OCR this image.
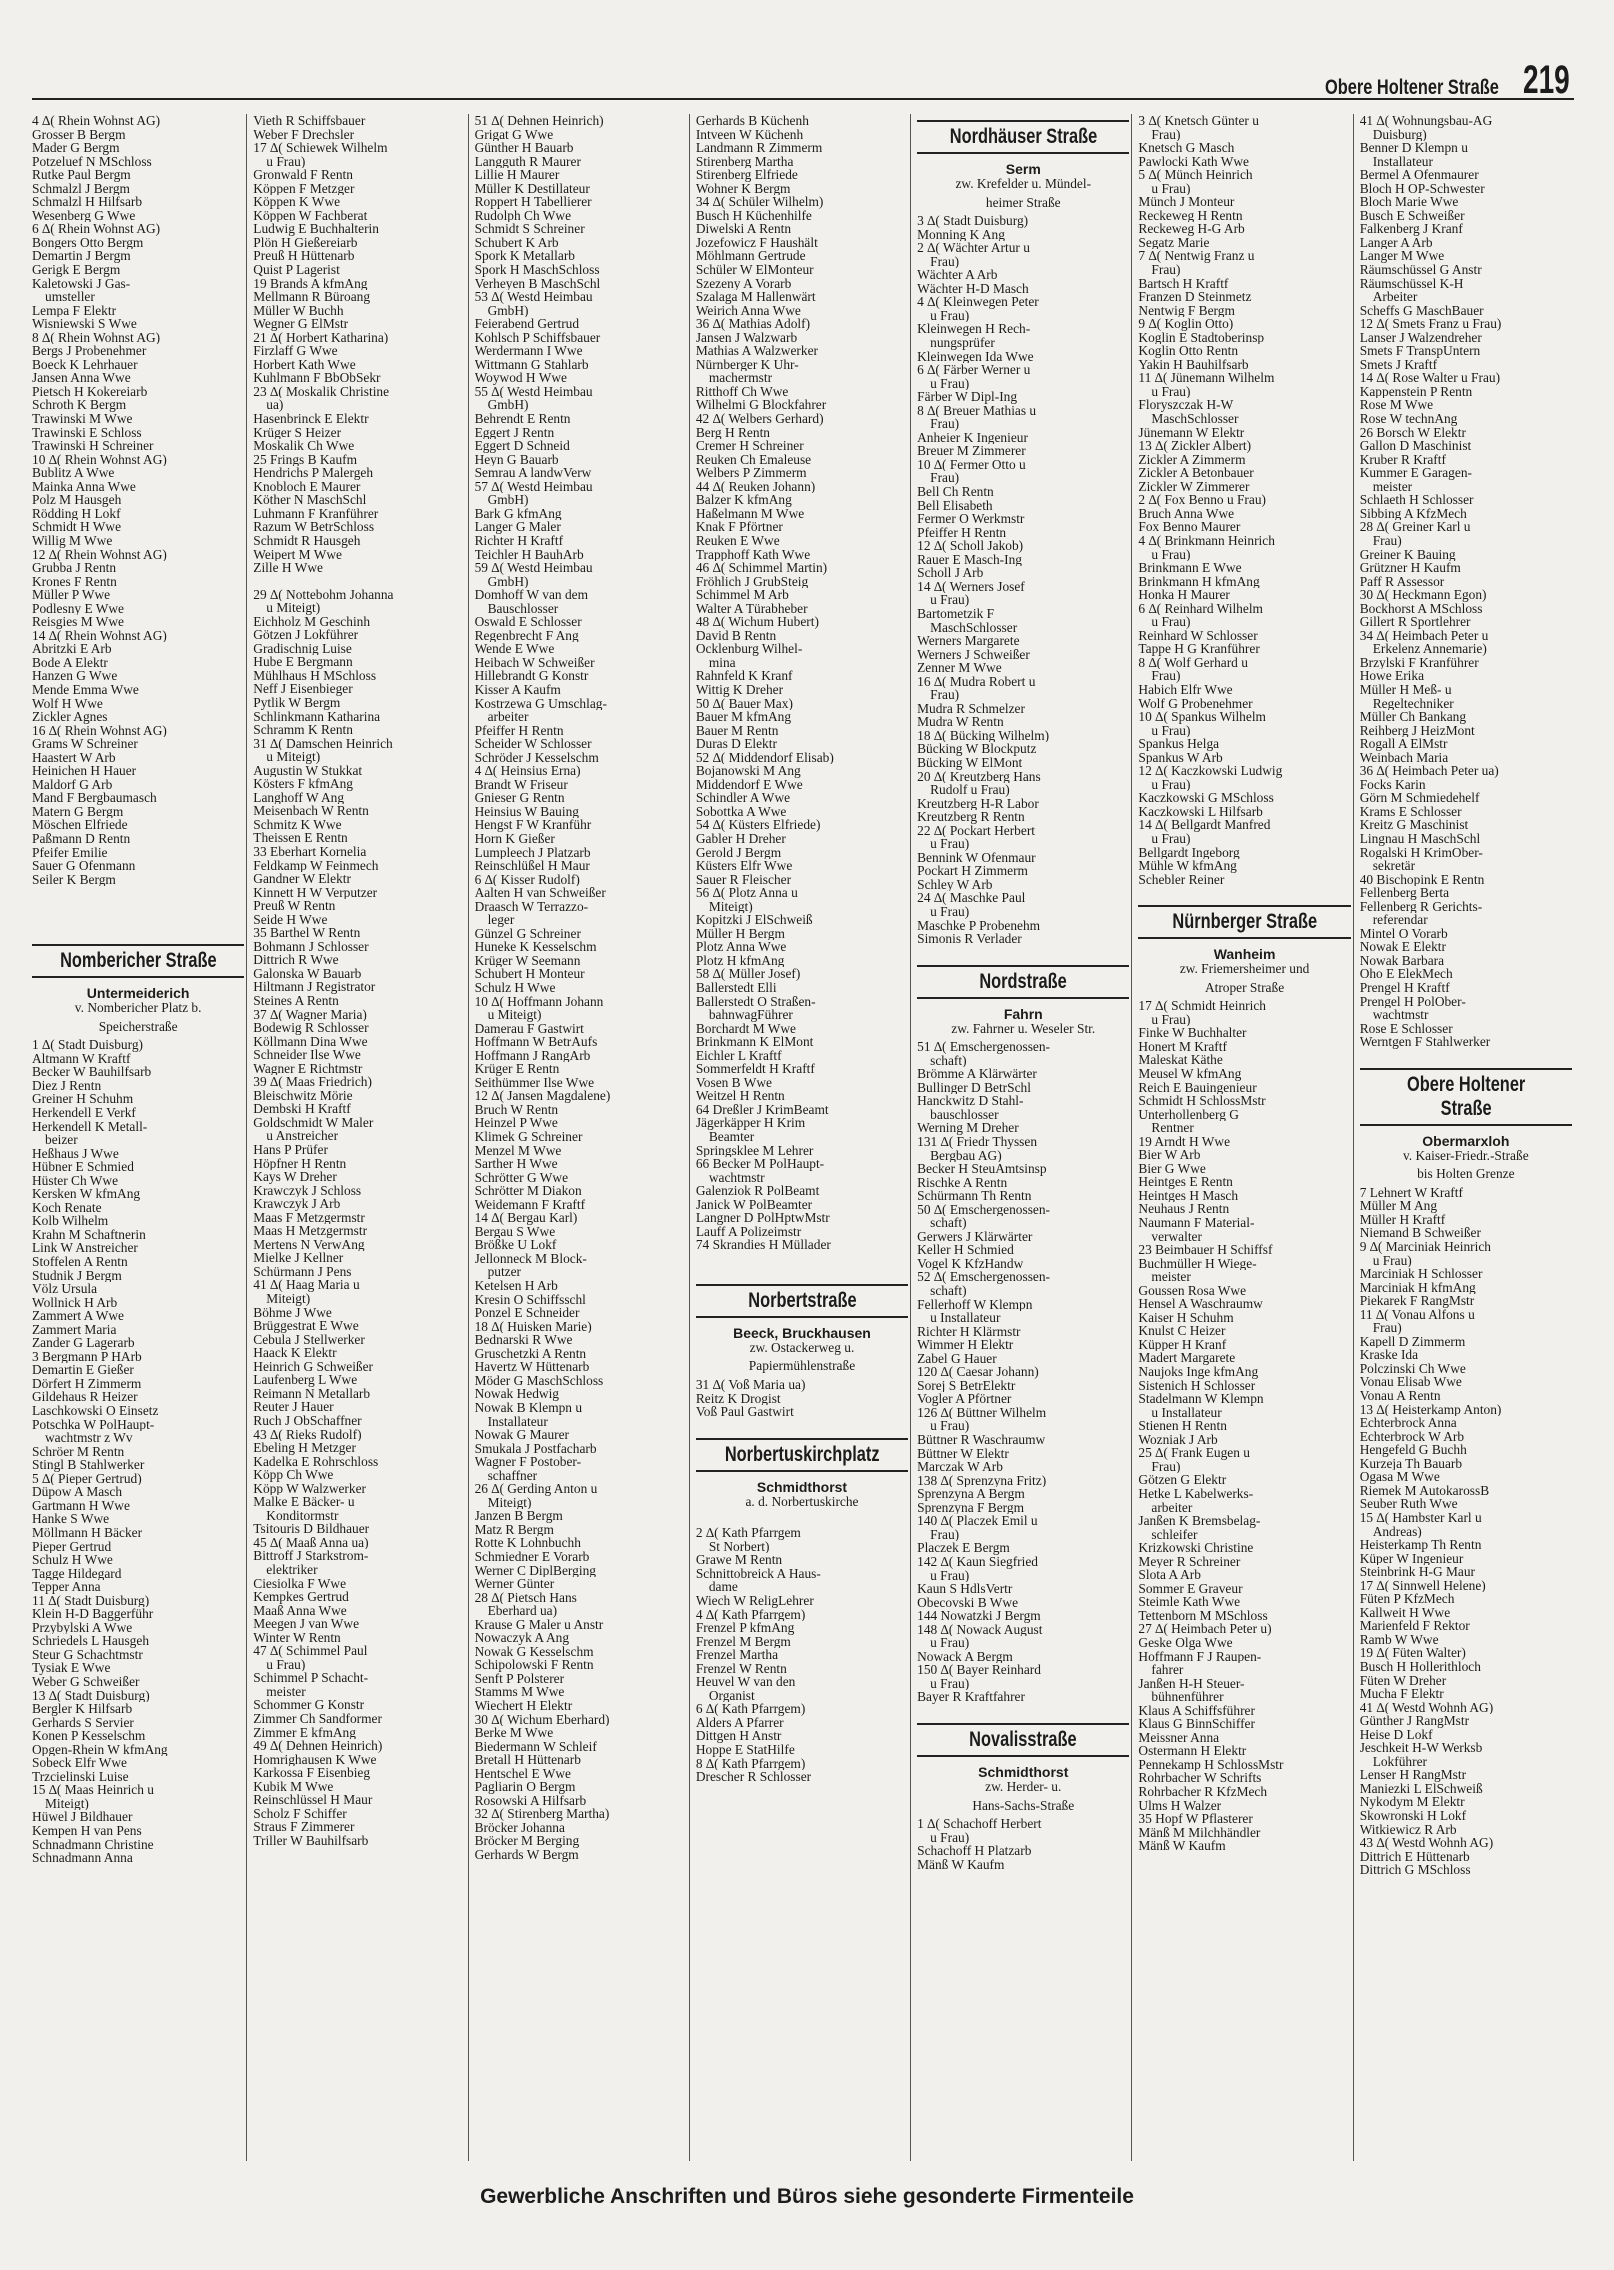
Obere Holtener Straße 219
4 ∆( Rhein Wohnst AG)
Grosser B Bergm
Mader G Bergm
Potzeluef N MSchloss
Rutke Paul Bergm
Schmalzl J Bergm
Schmalzl H Hilfsarb
Wesenberg G Wwe
6 ∆( Rhein Wohnst AG)
Bongers Otto Bergm
Demartin J Bergm
Gerigk E Bergm
Kaletowski J Gas-
umsteller
Lempa F Elektr
Wisniewski S Wwe
8 ∆( Rhein Wohnst AG)
Bergs J Probenehmer
Boeck K Lehrhauer
Jansen Anna Wwe
Pietsch H Kokereiarb
Schroth K Bergm
Trawinski M Wwe
Trawinski E Schloss
Trawinski H Schreiner
10 ∆( Rhein Wohnst AG)
Bublitz A Wwe
Mainka Anna Wwe
Polz M Hausgeh
Rödding H Lokf
Schmidt H Wwe
Willig M Wwe
12 ∆( Rhein Wohnst AG)
Grubba J Rentn
Krones F Rentn
Müller P Wwe
Podlesny E Wwe
Reisgies M Wwe
14 ∆( Rhein Wohnst AG)
Abritzki E Arb
Bode A Elektr
Hanzen G Wwe
Mende Emma Wwe
Wolf H Wwe
Zickler Agnes
16 ∆( Rhein Wohnst AG)
Grams W Schreiner
Haastert W Arb
Heinichen H Hauer
Maldorf G Arb
Mand F Bergbaumasch
Matern G Bergm
Möschen Elfriede
Paßmann D Rentn
Pfeifer Emilie
Sauer G Ofenmann
Seiler K Bergm
Nombericher Straße
Untermeiderich
v. Nombericher Platz b.
Speicherstraße
1 ∆( Stadt Duisburg)
Altmann W Kraftf
Becker W Bauhilfsarb
Diez J Rentn
Greiner H Schuhm
Herkendell E Verkf
Herkendell K Metall-
beizer
Heßhaus J Wwe
Hübner E Schmied
Hüster Ch Wwe
Kersken W kfmAng
Koch Renate
Kolb Wilhelm
Krahn M Schaftnerin
Link W Anstreicher
Stoffelen A Rentn
Studnik J Bergm
Völz Ursula
Wollnick H Arb
Zammert A Wwe
Zammert Maria
Zander G Lagerarb
3 Bergmann P HArb
Demartin E Gießer
Dörfert H Zimmerm
Gildehaus R Heizer
Laschkowski O Einsetz
Potschka W PolHaupt-
wachtmstr z Wv
Schröer M Rentn
Stingl B Stahlwerker
5 ∆( Pieper Gertrud)
Düpow A Masch
Gartmann H Wwe
Hanke S Wwe
Möllmann H Bäcker
Pieper Gertrud
Schulz H Wwe
Tagge Hildegard
Tepper Anna
11 ∆( Stadt Duisburg)
Klein H-D Baggerführ
Przybylski A Wwe
Schriedels L Hausgeh
Steur G Schachtmstr
Tysiak E Wwe
Weber G Schweißer
13 ∆( Stadt Duisburg)
Bergler K Hilfsarb
Gerhards S Servier
Konen P Kesselschm
Opgen-Rhein W kfmAng
Sobeck Elfr Wwe
Trzcielinski Luise
15 ∆( Maas Heinrich u
Miteigt)
Hüwel J Bildhauer
Kempen H van Pens
Schnadmann Christine
Schnadmann Anna
Vieth R Schiffsbauer
Weber F Drechsler
17 ∆( Schiewek Wilhelm
u Frau)
Gronwald F Rentn
Köppen F Metzger
Köppen K Wwe
Köppen W Fachberat
Ludwig E Buchhalterin
Plön H Gießereiarb
Preuß H Hüttenarb
Quist P Lagerist
19 Brands A kfmAng
Mellmann R Büroang
Müller W Buchh
Wegner G ElMstr
21 ∆( Horbert Katharina)
Firzlaff G Wwe
Horbert Kath Wwe
Kuhlmann F BbObSekr
23 ∆( Moskalik Christine
ua)
Hasenbrinck E Elektr
Krüger S Heizer
Moskalik Ch Wwe
25 Frings B Kaufm
Hendrichs P Malergeh
Knobloch E Maurer
Köther N MaschSchl
Luhmann F Kranführer
Razum W BetrSchloss
Schmidt R Hausgeh
Weipert M Wwe
Zille H Wwe
29 ∆( Nottebohm Johanna
u Miteigt)
Eichholz M Geschinh
Götzen J Lokführer
Gradischnig Luise
Hube E Bergmann
Mühlhaus H MSchloss
Neff J Eisenbieger
Pytlik W Bergm
Schlinkmann Katharina
Schramm K Rentn
31 ∆( Damschen Heinrich
u Miteigt)
Augustin W Stukkat
Kösters F kfmAng
Langhoff W Ang
Meisenbach W Rentn
Schmitz K Wwe
Theissen E Rentn
33 Eberhart Kornelia
Feldkamp W Feinmech
Gandner W Elektr
Kinnett H W Verputzer
Preuß W Rentn
Seide H Wwe
35 Barthel W Rentn
Bohmann J Schlosser
Dittrich R Wwe
Galonska W Bauarb
Hiltmann J Registrator
Steines A Rentn
37 ∆( Wagner Maria)
Bodewig R Schlosser
Köllmann Dina Wwe
Schneider Ilse Wwe
Wagner E Richtmstr
39 ∆( Maas Friedrich)
Bleischwitz Mörie
Dembski H Kraftf
Goldschmidt W Maler
u Anstreicher
Hans P Prüfer
Höpfner H Rentn
Kays W Dreher
Krawczyk J Schloss
Krawczyk J Arb
Maas F Metzgermstr
Maas H Metzgermstr
Mertens N VerwAng
Mielke J Kellner
Schürmann J Pens
41 ∆( Haag Maria u
Miteigt)
Böhme J Wwe
Brüggestrat E Wwe
Cebula J Stellwerker
Haack K Elektr
Heinrich G Schweißer
Laufenberg L Wwe
Reimann N Metallarb
Reuter J Hauer
Ruch J ObSchaffner
43 ∆( Rieks Rudolf)
Ebeling H Metzger
Kadelka E Rohrschloss
Köpp Ch Wwe
Köpp W Walzwerker
Malke E Bäcker- u
Konditormstr
Tsitouris D Bildhauer
45 ∆( Maaß Anna ua)
Bittroff J Starkstrom-
elektriker
Ciesiolka F Wwe
Kempkes Gertrud
Maaß Anna Wwe
Meegen J van Wwe
Winter W Rentn
47 ∆( Schimmel Paul
u Frau)
Schimmel P Schacht-
meister
Schommer G Konstr
Zimmer Ch Sandformer
Zimmer E kfmAng
49 ∆( Dehnen Heinrich)
Homrighausen K Wwe
Karkossa F Eisenbieg
Kubik M Wwe
Reinschlüssel H Maur
Scholz F Schiffer
Straus F Zimmerer
Triller W Bauhilfsarb
51 ∆( Dehnen Heinrich)
Grigat G Wwe
Günther H Bauarb
Langguth R Maurer
Lillie H Maurer
Müller K Destillateur
Roppert H Tabellierer
Rudolph Ch Wwe
Schmidt S Schreiner
Schubert K Arb
Spork K Metallarb
Spork H MaschSchloss
Verheyen B MaschSchl
53 ∆( Westd Heimbau
GmbH)
Feierabend Gertrud
Kohlsch P Schiffsbauer
Werdermann I Wwe
Wittmann G Stahlarb
Woywod H Wwe
55 ∆( Westd Heimbau
GmbH)
Behrendt E Rentn
Eggert J Rentn
Eggert D Schneid
Heyn G Bauarb
Semrau A landwVerw
57 ∆( Westd Heimbau
GmbH)
Bark G kfmAng
Langer G Maler
Richter H Kraftf
Teichler H BauhArb
59 ∆( Westd Heimbau
GmbH)
Domhoff W van dem
Bauschlosser
Oswald E Schlosser
Regenbrecht F Ang
Wende E Wwe
Heibach W Schweißer
Hillebrandt G Konstr
Kisser A Kaufm
Kostrzewa G Umschlag-
arbeiter
Pfeiffer H Rentn
Scheider W Schlosser
Schröder J Kesselschm
4 ∆( Heinsius Erna)
Brandt W Friseur
Gnieser G Rentn
Heinsius W Bauing
Hengst F W Kranführ
Horn K Gießer
Lumpleech J Platzarb
Reinschlüßel H Maur
6 ∆( Kisser Rudolf)
Aalten H van Schweißer
Draasch W Terrazzo-
leger
Günzel G Schreiner
Huneke K Kesselschm
Krüger W Seemann
Schubert H Monteur
Schulz H Wwe
10 ∆( Hoffmann Johann
u Miteigt)
Damerau F Gastwirt
Hoffmann W BetrAufs
Hoffmann J RangArb
Krüger E Rentn
Seithümmer Ilse Wwe
12 ∆( Jansen Magdalene)
Bruch W Rentn
Heinzel P Wwe
Klimek G Schreiner
Menzel M Wwe
Sarther H Wwe
Schrötter G Wwe
Schrötter M Diakon
Weidemann F Kraftf
14 ∆( Bergau Karl)
Bergau S Wwe
Brößke U Lokf
Jellonneck M Block-
putzer
Ketelsen H Arb
Kresin O Schiffsschl
Ponzel E Schneider
18 ∆( Huisken Marie)
Bednarski R Wwe
Gruschetzki A Rentn
Havertz W Hüttenarb
Möder G MaschSchloss
Nowak Hedwig
Nowak B Klempn u
Installateur
Nowak G Maurer
Smukala J Postfacharb
Wagner F Postober-
schaffner
26 ∆( Gerding Anton u
Miteigt)
Janzen B Bergm
Matz R Bergm
Rotte K Lohnbuchh
Schmiedner E Vorarb
Werner C DiplBerging
Werner Günter
28 ∆( Pietsch Hans
Eberhard ua)
Krause G Maler u Anstr
Nowaczyk A Ang
Nowak G Kesselschm
Schipolowski F Rentn
Senft P Polsterer
Stamms M Wwe
Wiechert H Elektr
30 ∆( Wichum Eberhard)
Berke M Wwe
Biedermann W Schleif
Bretall H Hüttenarb
Hentschel E Wwe
Pagliarin O Bergm
Rosowski A Hilfsarb
32 ∆( Stirenberg Martha)
Bröcker Johanna
Bröcker M Berging
Gerhards W Bergm
Gerhards B Küchenh
Intveen W Küchenh
Landmann R Zimmerm
Stirenberg Martha
Stirenberg Elfriede
Wohner K Bergm
34 ∆( Schüler Wilhelm)
Busch H Küchenhilfe
Diwelski A Rentn
Jozefowicz F Haushält
Möhlmann Gertrude
Schüler W ElMonteur
Szezeny A Vorarb
Szalaga M Hallenwärt
Weirich Anna Wwe
36 ∆( Mathias Adolf)
Jansen J Walzwarb
Mathias A Walzwerker
Nürnberger K Uhr-
machermstr
Ritthoff Ch Wwe
Wilhelmi G Blockfahrer
42 ∆( Welbers Gerhard)
Berg H Rentn
Cremer H Schreiner
Reuken Ch Emaleuse
Welbers P Zimmerm
44 ∆( Reuken Johann)
Balzer K kfmAng
Haßelmann M Wwe
Knak F Pförtner
Reuken E Wwe
Trapphoff Kath Wwe
46 ∆( Schimmel Martin)
Fröhlich J GrubSteig
Schimmel M Arb
Walter A Türabheber
48 ∆( Wichum Hubert)
David B Rentn
Ocklenburg Wilhel-
mina
Rahnfeld K Kranf
Wittig K Dreher
50 ∆( Bauer Max)
Bauer M kfmAng
Bauer M Rentn
Duras D Elektr
52 ∆( Middendorf Elisab)
Bojanowski M Ang
Middendorf E Wwe
Schindler A Wwe
Sobottka A Wwe
54 ∆( Küsters Elfriede)
Gabler H Dreher
Gerold J Bergm
Küsters Elfr Wwe
Sauer R Fleischer
56 ∆( Plotz Anna u
Miteigt)
Kopitzki J ElSchweiß
Müller H Bergm
Plotz Anna Wwe
Plotz H kfmAng
58 ∆( Müller Josef)
Ballerstedt Elli
Ballerstedt O Straßen-
bahnwagFührer
Borchardt M Wwe
Brinkmann K ElMont
Eichler L Kraftf
Sommerfeldt H Kraftf
Vosen B Wwe
Weitzel H Rentn
64 Dreßler J KrimBeamt
Jägerkäpper H Krim
Beamter
Springsklee M Lehrer
66 Becker M PolHaupt-
wachtmstr
Galenziok R PolBeamt
Janick W PolBeamter
Langner D PolHptwMstr
Lauff A Polizeimstr
74 Skrandies H Müllader
Norbertstraße
Beeck, Bruckhausen
zw. Ostackerweg u.
Papiermühlenstraße
31 ∆( Voß Maria ua)
Reitz K Drogist
Voß Paul Gastwirt
Norbertuskirchplatz
Schmidthorst
a. d. Norbertuskirche
2 ∆( Kath Pfarrgem
St Norbert)
Grawe M Rentn
Schnittobreick A Haus-
dame
Wiech W ReligLehrer
4 ∆( Kath Pfarrgem)
Frenzel P kfmAng
Frenzel M Bergm
Frenzel Martha
Frenzel W Rentn
Heuvel W van den
Organist
6 ∆( Kath Pfarrgem)
Alders A Pfarrer
Dittgen H Anstr
Hoppe E StatHilfe
8 ∆( Kath Pfarrgem)
Drescher R Schlosser
Nordhäuser Straße
Serm
zw. Krefelder u. Mündel-
heimer Straße
3 ∆( Stadt Duisburg)
Monning K Ang
2 ∆( Wächter Artur u
Frau)
Wächter A Arb
Wächter H-D Masch
4 ∆( Kleinwegen Peter
u Frau)
Kleinwegen H Rech-
nungsprüfer
Kleinwegen Ida Wwe
6 ∆( Färber Werner u
u Frau)
Färber W Dipl-Ing
8 ∆( Breuer Mathias u
Frau)
Anheier K Ingenieur
Breuer M Zimmerer
10 ∆( Fermer Otto u
Frau)
Bell Ch Rentn
Bell Elisabeth
Fermer O Werkmstr
Pfeiffer H Rentn
12 ∆( Scholl Jakob)
Rauer E Masch-Ing
Scholl J Arb
14 ∆( Werners Josef
u Frau)
Bartometzik F
MaschSchlosser
Werners Margarete
Werners J Schweißer
Zenner M Wwe
16 ∆( Mudra Robert u
Frau)
Mudra R Schmelzer
Mudra W Rentn
18 ∆( Bücking Wilhelm)
Bücking W Blockputz
Bücking W ElMont
20 ∆( Kreutzberg Hans
Rudolf u Frau)
Kreutzberg H-R Labor
Kreutzberg R Rentn
22 ∆( Pockart Herbert
u Frau)
Bennink W Ofenmaur
Pockart H Zimmerm
Schley W Arb
24 ∆( Maschke Paul
u Frau)
Maschke P Probenehm
Simonis R Verlader
Nordstraße
Fahrn
zw. Fahrner u. Weseler Str.
51 ∆( Emschergenossen-
schaft)
Brömme A Klärwärter
Bullinger D BetrSchl
Hanckwitz D Stahl-
bauschlosser
Werning M Dreher
131 ∆( Friedr Thyssen
Bergbau AG)
Becker H SteuAmtsinsp
Rischke A Rentn
Schürmann Th Rentn
50 ∆( Emschergenossen-
schaft)
Gerwers J Klärwärter
Keller H Schmied
Vogel K KfzHandw
52 ∆( Emschergenossen-
schaft)
Fellerhoff W Klempn
u Installateur
Richter H Klärmstr
Wimmer H Elektr
Zabel G Hauer
120 ∆( Caesar Johann)
Sorej S BetrElektr
Vogler A Pförtner
126 ∆( Büttner Wilhelm
u Frau)
Büttner R Waschraumw
Büttner W Elektr
Marczak W Arb
138 ∆( Sprenzyna Fritz)
Sprenzyna A Bergm
Sprenzyna F Bergm
140 ∆( Placzek Emil u
Frau)
Placzek E Bergm
142 ∆( Kaun Siegfried
u Frau)
Kaun S HdlsVertr
Obecovski B Wwe
144 Nowatzki J Bergm
148 ∆( Nowack August
u Frau)
Nowack A Bergm
150 ∆( Bayer Reinhard
u Frau)
Bayer R Kraftfahrer
Novalisstraße
Schmidthorst
zw. Herder- u.
Hans-Sachs-Straße
1 ∆( Schachoff Herbert
u Frau)
Schachoff H Platzarb
Mänß W Kaufm
3 ∆( Knetsch Günter u
Frau)
Knetsch G Masch
Pawlocki Kath Wwe
5 ∆( Münch Heinrich
u Frau)
Münch J Monteur
Reckeweg H Rentn
Reckeweg H-G Arb
Segatz Marie
7 ∆( Nentwig Franz u
Frau)
Bartsch H Kraftf
Franzen D Steinmetz
Nentwig F Bergm
9 ∆( Koglin Otto)
Koglin E Stadtoberinsp
Koglin Otto Rentn
Yakin H Bauhilfsarb
11 ∆( Jünemann Wilhelm
u Frau)
Floryszczak H-W
MaschSchlosser
Jünemann W Elektr
13 ∆( Zickler Albert)
Zickler A Zimmerm
Zickler A Betonbauer
Zickler W Zimmerer
2 ∆( Fox Benno u Frau)
Bruch Anna Wwe
Fox Benno Maurer
4 ∆( Brinkmann Heinrich
u Frau)
Brinkmann E Wwe
Brinkmann H kfmAng
Honka H Maurer
6 ∆( Reinhard Wilhelm
u Frau)
Reinhard W Schlosser
Tappe H G Kranführer
8 ∆( Wolf Gerhard u
Frau)
Habich Elfr Wwe
Wolf G Probenehmer
10 ∆( Spankus Wilhelm
u Frau)
Spankus Helga
Spankus W Arb
12 ∆( Kaczkowski Ludwig
u Frau)
Kaczkowski G MSchloss
Kaczkowski L Hilfsarb
14 ∆( Bellgardt Manfred
u Frau)
Bellgardt Ingeborg
Mühle W kfmAng
Schebler Reiner
Nürnberger Straße
Wanheim
zw. Friemersheimer und
Atroper Straße
17 ∆( Schmidt Heinrich
u Frau)
Finke W Buchhalter
Honert M Kraftf
Maleskat Käthe
Meusel W kfmAng
Reich E Bauingenieur
Schmidt H SchlossMstr
Unterhollenberg G
Rentner
19 Arndt H Wwe
Bier W Arb
Bier G Wwe
Heintges E Rentn
Heintges H Masch
Neuhaus J Rentn
Naumann F Material-
verwalter
23 Beimbauer H Schiffsf
Buchmüller H Wiege-
meister
Goussen Rosa Wwe
Hensel A Waschraumw
Kaiser H Schuhm
Knulst C Heizer
Küpper H Kranf
Madert Margarete
Naujoks Inge kfmAng
Sistenich H Schlosser
Stadelmann W Klempn
u Installateur
Stienen H Rentn
Wozniak J Arb
25 ∆( Frank Eugen u
Frau)
Götzen G Elektr
Hetke L Kabelwerks-
arbeiter
Janßen K Bremsbelag-
schleifer
Krizkowski Christine
Meyer R Schreiner
Slota A Arb
Sommer E Graveur
Steimle Kath Wwe
Tettenborn M MSchloss
27 ∆( Heimbach Peter u)
Geske Olga Wwe
Hoffmann F J Raupen-
fahrer
Janßen H-H Steuer-
bühnenführer
Klaus A Schiffsführer
Klaus G BinnSchiffer
Meissner Anna
Ostermann H Elektr
Pennekamp H SchlossMstr
Rohrbacher W Schrifts
Rohrbacher R KfzMech
Ulms H Walzer
35 Hopf W Pflasterer
Mänß M Milchhändler
Mänß W Kaufm
41 ∆( Wohnungsbau-AG
Duisburg)
Benner D Klempn u
Installateur
Bermel A Ofenmaurer
Bloch H OP-Schwester
Bloch Marie Wwe
Busch E Schweißer
Falkenberg J Kranf
Langer A Arb
Langer M Wwe
Räumschüssel G Anstr
Räumschüssel K-H
Arbeiter
Scheffs G MaschBauer
12 ∆( Smets Franz u Frau)
Lanser J Walzendreher
Smets F TranspUntern
Smets J Kraftf
14 ∆( Rose Walter u Frau)
Kappenstein P Rentn
Rose M Wwe
Rose W technAng
26 Borsch W Elektr
Gallon D Maschinist
Kruber R Kraftf
Kummer E Garagen-
meister
Schlaeth H Schlosser
Sibbing A KfzMech
28 ∆( Greiner Karl u
Frau)
Greiner K Bauing
Grützner H Kaufm
Paff R Assessor
30 ∆( Heckmann Egon)
Bockhorst A MSchloss
Gillert R Sportlehrer
34 ∆( Heimbach Peter u
Erkelenz Annemarie)
Brzylski F Kranführer
Howe Erika
Müller H Meß- u
Regeltechniker
Müller Ch Bankang
Reihberg J HeizMont
Rogall A ElMstr
Weinbach Maria
36 ∆( Heimbach Peter ua)
Focks Karin
Görn M Schmiedehelf
Krams E Schlosser
Kreitz G Maschinist
Lingnau H MaschSchl
Rogalski H KrimOber-
sekretär
40 Bischopink E Rentn
Fellenberg Berta
Fellenberg R Gerichts-
referendar
Mintel O Vorarb
Nowak E Elektr
Nowak Barbara
Oho E ElekMech
Prengel H Kraftf
Prengel H PolOber-
wachtmstr
Rose E Schlosser
Werntgen F Stahlwerker
Obere Holtener Straße
Obermarxloh
v. Kaiser-Friedr.-Straße
bis Holten Grenze
7 Lehnert W Kraftf
Müller M Ang
Müller H Kraftf
Niemand B Schweißer
9 ∆( Marciniak Heinrich
u Frau)
Marciniak H Schlosser
Marciniak H kfmAng
Piekarek F RangMstr
11 ∆( Vonau Alfons u
Frau)
Kapell D Zimmerm
Kraske Ida
Polczinski Ch Wwe
Vonau Elisab Wwe
Vonau A Rentn
13 ∆( Heisterkamp Anton)
Echterbrock Anna
Echterbrock W Arb
Hengefeld G Buchh
Kurzeja Th Bauarb
Ogasa M Wwe
Riemek M AutokarossB
Seuber Ruth Wwe
15 ∆( Hambster Karl u
Andreas)
Heisterkamp Th Rentn
Küper W Ingenieur
Steinbrink H-G Maur
17 ∆( Sinnwell Helene)
Füten P KfzMech
Kallweit H Wwe
Marienfeld F Rektor
Ramb W Wwe
19 ∆( Füten Walter)
Busch H Hollerithloch
Füten W Dreher
Mucha F Elektr
41 ∆( Westd Wohnh AG)
Günther J RangMstr
Heise D Lokf
Jeschkeit H-W Werksb
Lokführer
Lenser H RangMstr
Maniezki L ElSchweiß
Nykodym M Elektr
Skowronski H Lokf
Witkiewicz R Arb
43 ∆( Westd Wohnh AG)
Dittrich E Hüttenarb
Dittrich G MSchloss
Gewerbliche Anschriften und Büros siehe gesonderte Firmenteile
